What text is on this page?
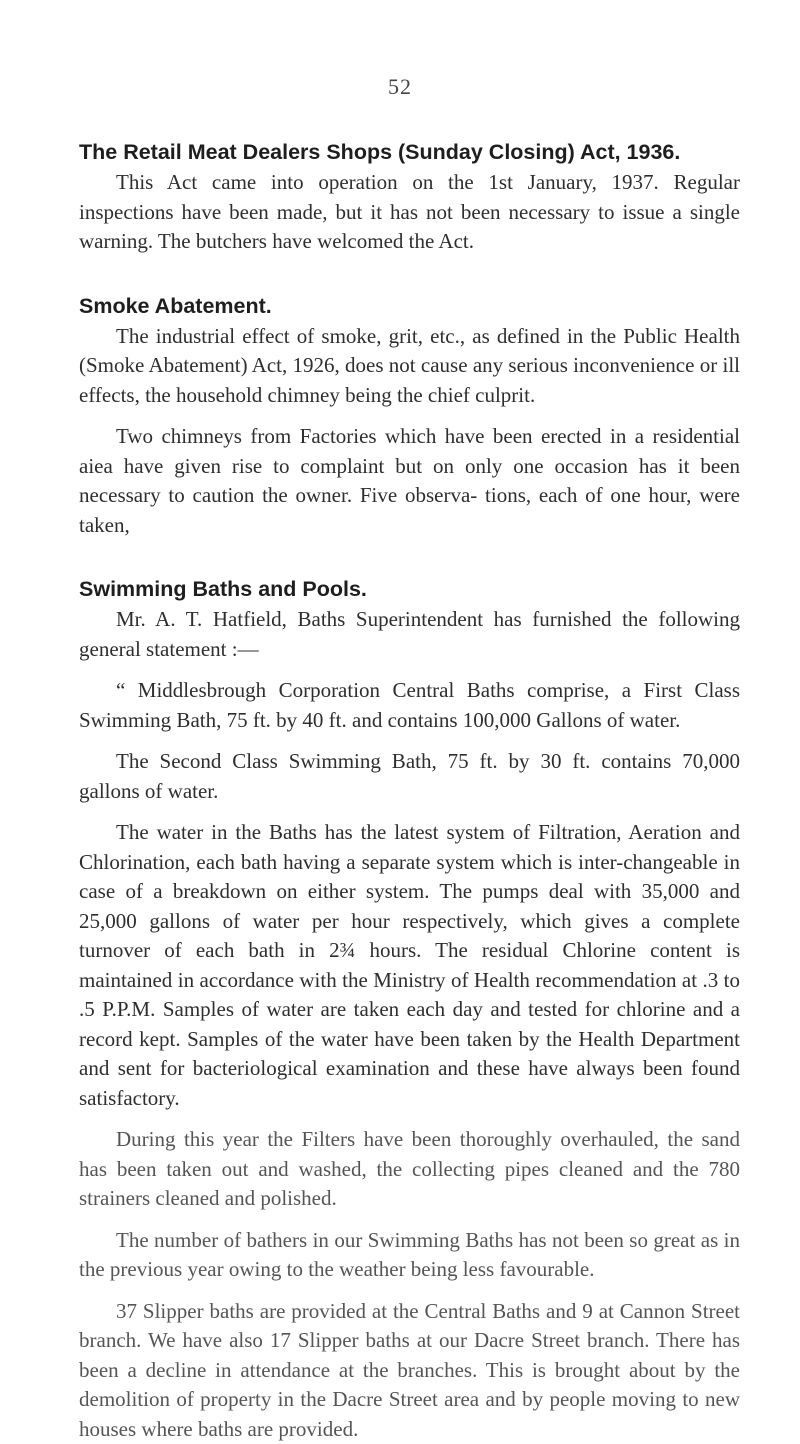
52
The Retail Meat Dealers Shops (Sunday Closing) Act, 1936.

This Act came into operation on the 1st January, 1937. Regular inspections have been made, but it has not been necessary to issue a single warning. The butchers have welcomed the Act.

Smoke Abatement.

The industrial effect of smoke, grit, etc., as defined in the Public Health (Smoke Abatement) Act, 1926, does not cause any serious inconvenience or ill effects, the household chimney being the chief culprit.

Two chimneys from Factories which have been erected in a residential aiea have given rise to complaint but on only one occasion has it been necessary to caution the owner. Five observa- tions, each of one hour, were taken,

Swimming Baths and Pools.

Mr. A. T. Hatfield, Baths Superintendent has furnished the following general statement :—

“ Middlesbrough Corporation Central Baths comprise, a First Class Swimming Bath, 75 ft. by 40 ft. and contains 100,000 Gallons of water.

The Second Class Swimming Bath, 75 ft. by 30 ft. contains 70,000 gallons of water.

The water in the Baths has the latest system of Filtration, Aeration and Chlorination, each bath having a separate system which is inter-changeable in case of a breakdown on either system. The pumps deal with 35,000 and 25,000 gallons of water per hour respectively, which gives a complete turnover of each bath in 2¾ hours. The residual Chlorine content is maintained in accordance with the Ministry of Health recommendation at .3 to .5 P.P.M. Samples of water are taken each day and tested for chlorine and a record kept. Samples of the water have been taken by the Health Department and sent for bacteriological examination and these have always been found satisfactory.

During this year the Filters have been thoroughly overhauled, the sand has been taken out and washed, the collecting pipes cleaned and the 780 strainers cleaned and polished.

The number of bathers in our Swimming Baths has not been so great as in the previous year owing to the weather being less favourable.

37 Slipper baths are provided at the Central Baths and 9 at Cannon Street branch. We have also 17 Slipper baths at our Dacre Street branch. There has been a decline in attendance at the branches. This is brought about by the demolition of property in the Dacre Street area and by people moving to new houses where baths are provided.
